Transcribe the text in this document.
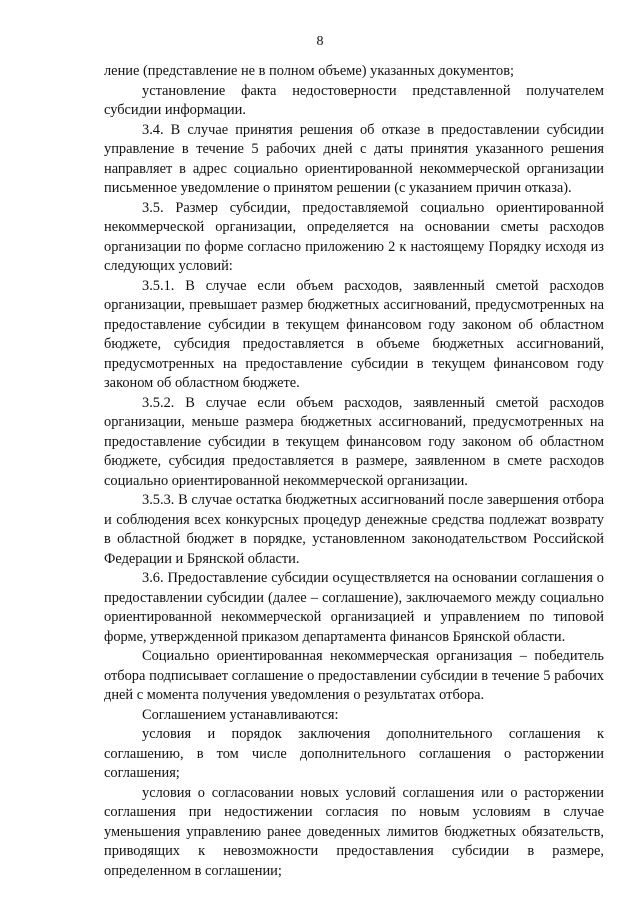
8

ление (представление не в полном объеме) указанных документов;

установление факта недостоверности представленной получателем субсидии информации.

3.4. В случае принятия решения об отказе в предоставлении субсидии управление в течение 5 рабочих дней с даты принятия указанного решения направляет в адрес социально ориентированной некоммерческой организации письменное уведомление о принятом решении (с указанием причин отказа).

3.5. Размер субсидии, предоставляемой социально ориентированной некоммерческой организации, определяется на основании сметы расходов организации по форме согласно приложению 2 к настоящему Порядку исходя из следующих условий:

3.5.1. В случае если объем расходов, заявленный сметой расходов организации, превышает размер бюджетных ассигнований, предусмотренных на предоставление субсидии в текущем финансовом году законом об областном бюджете, субсидия предоставляется в объеме бюджетных ассигнований, предусмотренных на предоставление субсидии в текущем финансовом году законом об областном бюджете.

3.5.2. В случае если объем расходов, заявленный сметой расходов организации, меньше размера бюджетных ассигнований, предусмотренных на предоставление субсидии в текущем финансовом году законом об областном бюджете, субсидия предоставляется в размере, заявленном в смете расходов социально ориентированной некоммерческой организации.

3.5.3. В случае остатка бюджетных ассигнований после завершения отбора и соблюдения всех конкурсных процедур денежные средства подлежат возврату в областной бюджет в порядке, установленном законодательством Российской Федерации и Брянской области.

3.6. Предоставление субсидии осуществляется на основании соглашения о предоставлении субсидии (далее – соглашение), заключаемого между социально ориентированной некоммерческой организацией и управлением по типовой форме, утвержденной приказом департамента финансов Брянской области.

Социально ориентированная некоммерческая организация – победитель отбора подписывает соглашение о предоставлении субсидии в течение 5 рабочих дней с момента получения уведомления о результатах отбора.

Соглашением устанавливаются:

условия и порядок заключения дополнительного соглашения к соглашению, в том числе дополнительного соглашения о расторжении соглашения;

условия о согласовании новых условий соглашения или о расторжении соглашения при недостижении согласия по новым условиям в случае уменьшения управлению ранее доведенных лимитов бюджетных обязательств, приводящих к невозможности предоставления субсидии в размере, определенном в соглашении;
